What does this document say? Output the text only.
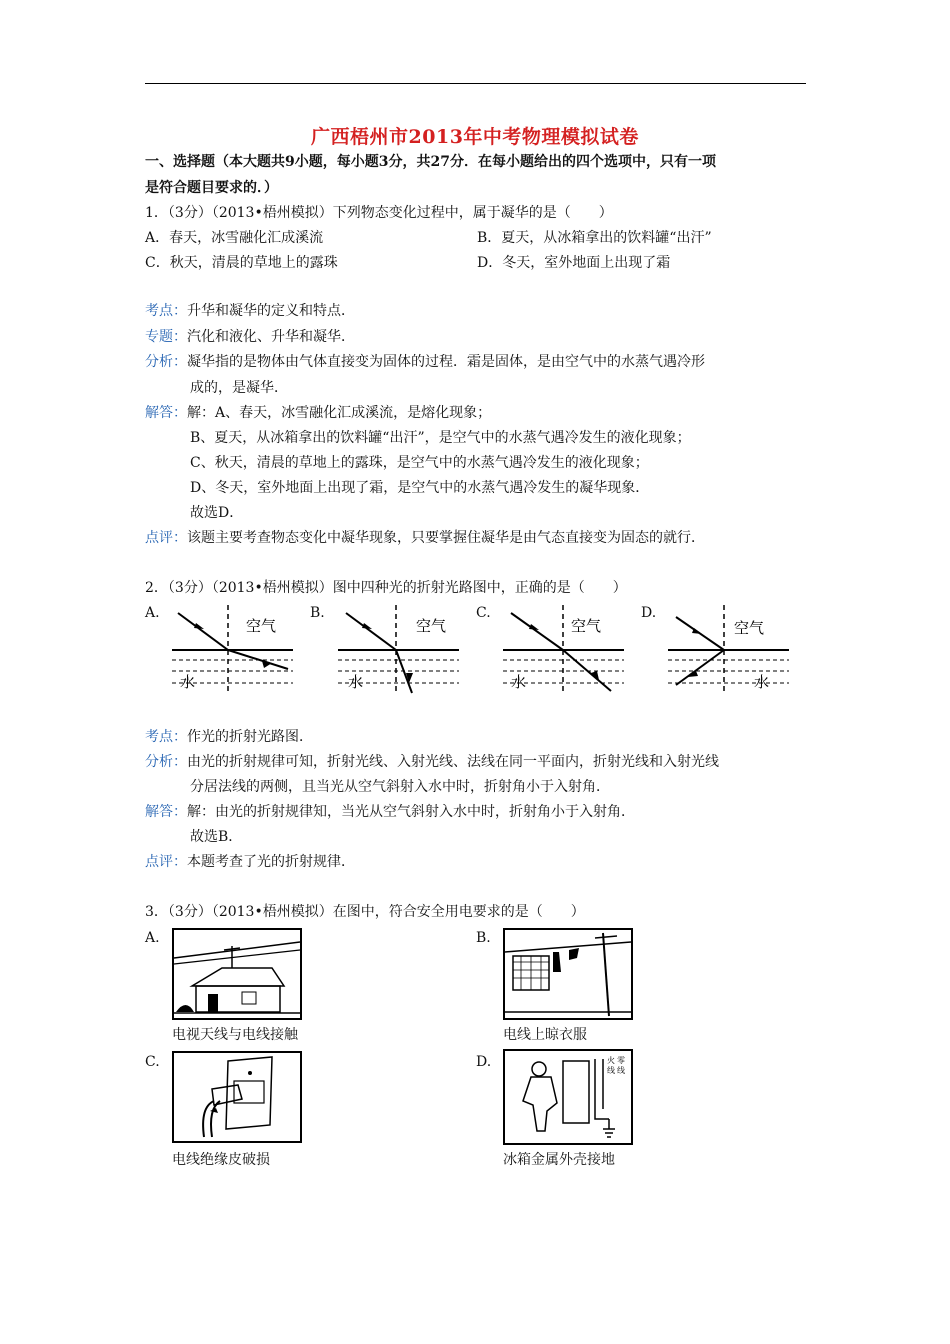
广西梧州市2013年中考物理模拟试卷
一、选择题（本大题共9小题，每小题3分，共27分．在每小题给出的四个选项中，只有一项
是符合题目要求的．）
1．（3分）（2013•梧州模拟）下列物态变化过程中，属于凝华的是（　　）
A．春天，冰雪融化汇成溪流	B．夏天，从冰箱拿出的饮料罐“出汗”
C．秋天，清晨的草地上的露珠	D．冬天，室外地面上出现了霜
考点：升华和凝华的定义和特点．
专题：汽化和液化、升华和凝华．
分析：凝华指的是物体由气体直接变为固体的过程．霜是固体，是由空气中的水蒸气遇冷形
成的，是凝华．
解答：解：A、春天，冰雪融化汇成溪流，是熔化现象；
B、夏天，从冰箱拿出的饮料罐“出汗”，是空气中的水蒸气遇冷发生的液化现象；
C、秋天，清晨的草地上的露珠，是空气中的水蒸气遇冷发生的液化现象；
D、冬天，室外地面上出现了霜，是空气中的水蒸气遇冷发生的凝华现象．
故选D．
点评：该题主要考查物态变化中凝华现象，只要掌握住凝华是由气态直接变为固态的就行．
2．（3分）（2013•梧州模拟）图中四种光的折射光路图中，正确的是（　　）
A.	B.	C.	D.
空气
水
空气
水
空气
水
空气
水
考点：作光的折射光路图．
分析：由光的折射规律可知，折射光线、入射光线、法线在同一平面内，折射光线和入射光线
分居法线的两侧，且当光从空气斜射入水中时，折射角小于入射角．
解答：解：由光的折射规律知，当光从空气斜射入水中时，折射角小于入射角．
故选B．
点评：本题考查了光的折射规律．
3．（3分）（2013•梧州模拟）在图中，符合安全用电要求的是（　　）
A.	B.
C.	D.
电视天线与电线接触	电线上晾衣服
电线绝缘皮破损
火 零
线 线
冰箱金属外壳接地
